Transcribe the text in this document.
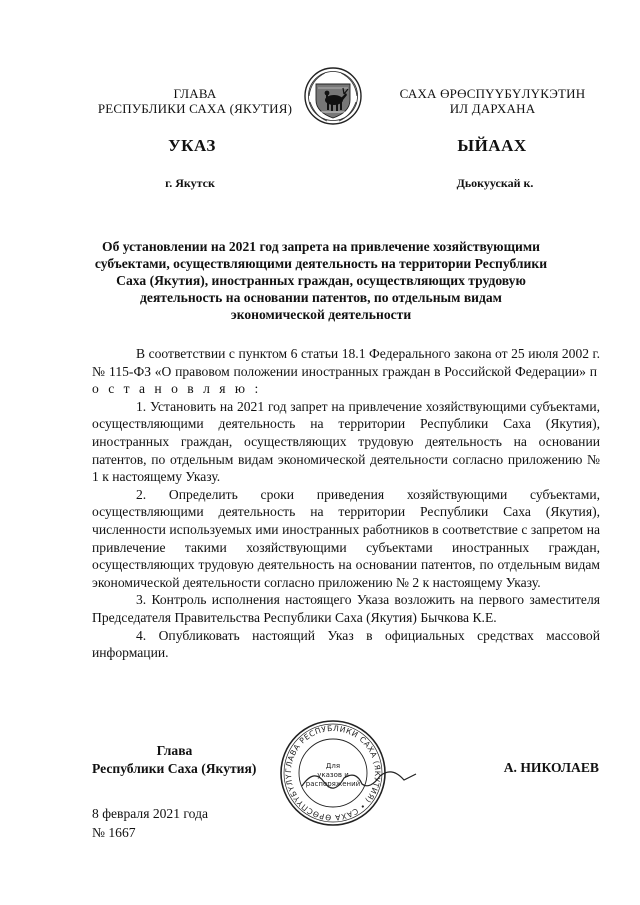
ГЛАВА
РЕСПУБЛИКИ САХА (ЯКУТИЯ)
САХА ӨРӨСПҮҮБҮЛҮКЭТИН
ИЛ ДАРХАНА
УКАЗ	ЫЙААХ
г. Якутск	Дьокуускай к.
Об установлении на 2021 год запрета на привлечение хозяйствующими субъектами, осуществляющими деятельность на территории Республики Саха (Якутия), иностранных граждан, осуществляющих трудовую деятельность на основании патентов, по отдельным видам экономической деятельности

В соответствии с пунктом 6 статьи 18.1 Федерального закона от 25 июля 2002 г. № 115-ФЗ «О правовом положении иностранных граждан в Российской Федерации» п о с т а н о в л я ю :

1. Установить на 2021 год запрет на привлечение хозяйствующими субъектами, осуществляющими деятельность на территории Республики Саха (Якутия), иностранных граждан, осуществляющих трудовую деятельность на основании патентов, по отдельным видам экономической деятельности согласно приложению № 1 к настоящему Указу.

2. Определить сроки приведения хозяйствующими субъектами, осуществляющими деятельность на территории Республики Саха (Якутия), численности используемых ими иностранных работников в соответствие с запретом на привлечение такими хозяйствующими субъектами иностранных граждан, осуществляющих трудовую деятельность на основании патентов, по отдельным видам экономической деятельности согласно приложению № 2 к настоящему Указу.

3. Контроль исполнения настоящего Указа возложить на первого заместителя Председателя Правительства Республики Саха (Якутия) Бычкова К.Е.

4. Опубликовать настоящий Указ в официальных средствах массовой информации.

Глава
Республики Саха (Якутия)	ГЛАВА РЕСПУБЛИКИ САХА (ЯКУТИЯ) • САХА ӨРӨСПҮҮБҮЛҮ
Для
указов и
распоряжений
А. НИКОЛАЕВ
8 февраля 2021 года
№ 1667
